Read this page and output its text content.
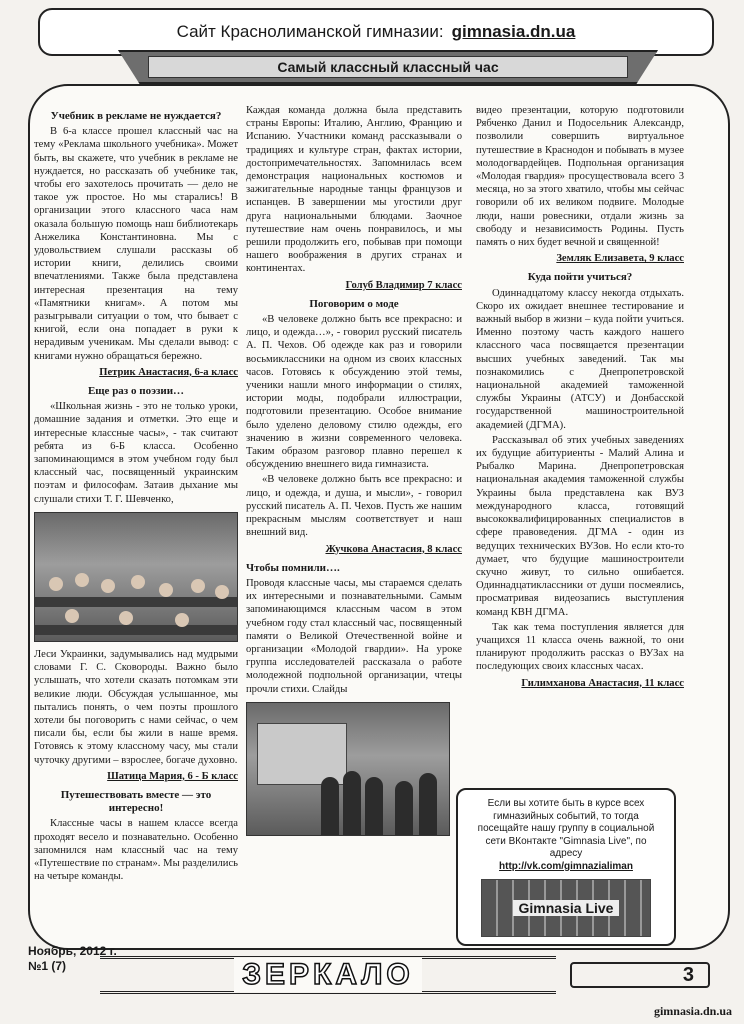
Сайт Краснолиманской гимназии: gimnasia.dn.ua
Самый классный классный час
Учебник в рекламе не нуждается?
В 6-а классе прошел классный час на тему «Реклама школьного учебника». Может быть, вы скажете, что учебник в рекламе не нуждается, но рассказать об учебнике так, чтобы его захотелось прочитать — дело не такое уж простое. Но мы старались! В организации этого классного часа нам оказала большую помощь наш библиотекарь Анжелика Константиновна. Мы с удовольствием слушали рассказы об истории книги, делились своими впечатлениями. Также была представлена интересная презентация на тему «Памятники книгам». А потом мы разыгрывали ситуации о том, что бывает с книгой, если она попадает в руки к нерадивым ученикам. Мы сделали вывод: с книгами нужно обращаться бережно.
Петрик Анастасия, 6-а класс
Еще раз о поэзии…
«Школьная жизнь - это не только уроки, домашние задания и отметки. Это еще и интересные классные часы», - так считают ребята из 6-Б класса. Особенно запоминающимся в этом учебном году был классный час, посвященный украинским поэтам и философам. Затаив дыхание мы слушали стихи Т. Г. Шевченко,
Леси Украинки, задумывались над мудрыми словами Г. С. Сковороды. Важно было услышать, что хотели сказать потомкам эти великие люди. Обсуждая услышанное, мы пытались понять, о чем поэты прошлого хотели бы поговорить с нами сейчас, о чем писали бы, если бы жили в наше время. Готовясь к этому классному часу, мы стали чуточку другими – взрослее, богаче духовно.
Шатица Мария, 6 - Б класс
Путешествовать вместе — это интересно!
Классные часы в нашем классе всегда проходят весело и познавательно. Особенно запомнился нам классный час на тему «Путешествие по странам». Мы разделились на четыре команды.
Каждая команда должна была представить страны Европы: Италию, Англию, Францию и Испанию. Участники команд рассказывали о традициях и культуре стран, фактах истории, достопримечательностях. Запомнилась всем демонстрация национальных костюмов и зажигательные народные танцы французов и испанцев. В завершении мы угостили друг друга национальными блюдами. Заочное путешествие нам очень понравилось, и мы решили продолжить его, побывав при помощи нашего воображения в других странах и континентах.
Голуб Владимир 7 класс
Поговорим о моде
«В человеке должно быть все прекрасно: и лицо, и одежда…», - говорил русский писатель А. П. Чехов. Об одежде как раз и говорили восьмиклассники на одном из своих классных часов. Готовясь к обсуждению этой темы, ученики нашли много информации о стилях, истории моды, подобрали иллюстрации, подготовили презентацию. Особое внимание было уделено деловому стилю одежды, его значению в жизни современного человека. Таким образом разговор плавно перешел к обсуждению внешнего вида гимназиста.
«В человеке должно быть все прекрасно: и лицо, и одежда, и душа, и мысли», - говорил русский писатель А. П. Чехов. Пусть же нашим прекрасным мыслям соответствует и наш внешний вид.
Жучкова Анастасия, 8 класс
Чтобы помнили….
Проводя классные часы, мы стараемся сделать их интересными и познавательными. Самым запоминающимся классным часом в этом учебном году стал классный час, посвященный памяти о Великой Отечественной войне и организации «Молодой гвардии». На уроке группа исследователей рассказала о работе молодежной подпольной организации, чтецы прочли стихи. Слайды
видео презентации, которую подготовили Рябченко Данил и Подосельник Александр, позволили совершить виртуальное путешествие в Краснодон и побывать в музее молодогвардейцев. Подпольная организация «Молодая гвардия» просуществовала всего 3 месяца, но за этого хватило, чтобы мы сейчас говорили об их великом подвиге. Молодые люди, наши ровесники, отдали жизнь за свободу и независимость Родины. Пусть память о них будет вечной и священной!
Земляк Елизавета, 9 класс
Куда пойти учиться?
Одиннадцатому классу некогда отдыхать. Скоро их ожидает внешнее тестирование и важный выбор в жизни – куда пойти учиться. Именно поэтому часть каждого нашего классного часа посвящается презентации высших учебных заведений. Так мы познакомились с Днепропетровской национальной академией таможенной службы Украины (АТСУ) и Донбасской государственной машиностроительной академией (ДГМА).
Рассказывал об этих учебных заведениях их будущие абитуриенты - Малий Алина и Рыбалко Марина. Днепропетровская национальная академия таможенной службы Украины была представлена как ВУЗ международного класса, готовящий высококвалифицированных специалистов в сфере правоведения. ДГМА - один из ведущих технических ВУЗов. Но если кто-то думает, что будущие машиностроители скучно живут, то сильно ошибается. Одиннадцатиклассники от души посмеялись, просматривая видеозапись выступления команд КВН ДГМА.
Так как тема поступления является для учащихся 11 класса очень важной, то они планируют продолжить рассказ о ВУЗах на последующих своих классных часах.
Гилимханова Анастасия, 11 класс
Если вы хотите быть в курсе всех гимназийных событий, то тогда посещайте нашу группу в социальной сети ВКонтакте "Gimnasia Live", по адресу
http://vk.com/gimnazialiman
Gimnasia Live
Ноябрь, 2012 г.
№1 (7)	ЗЕРКАЛО	3
gimnasia.dn.ua
